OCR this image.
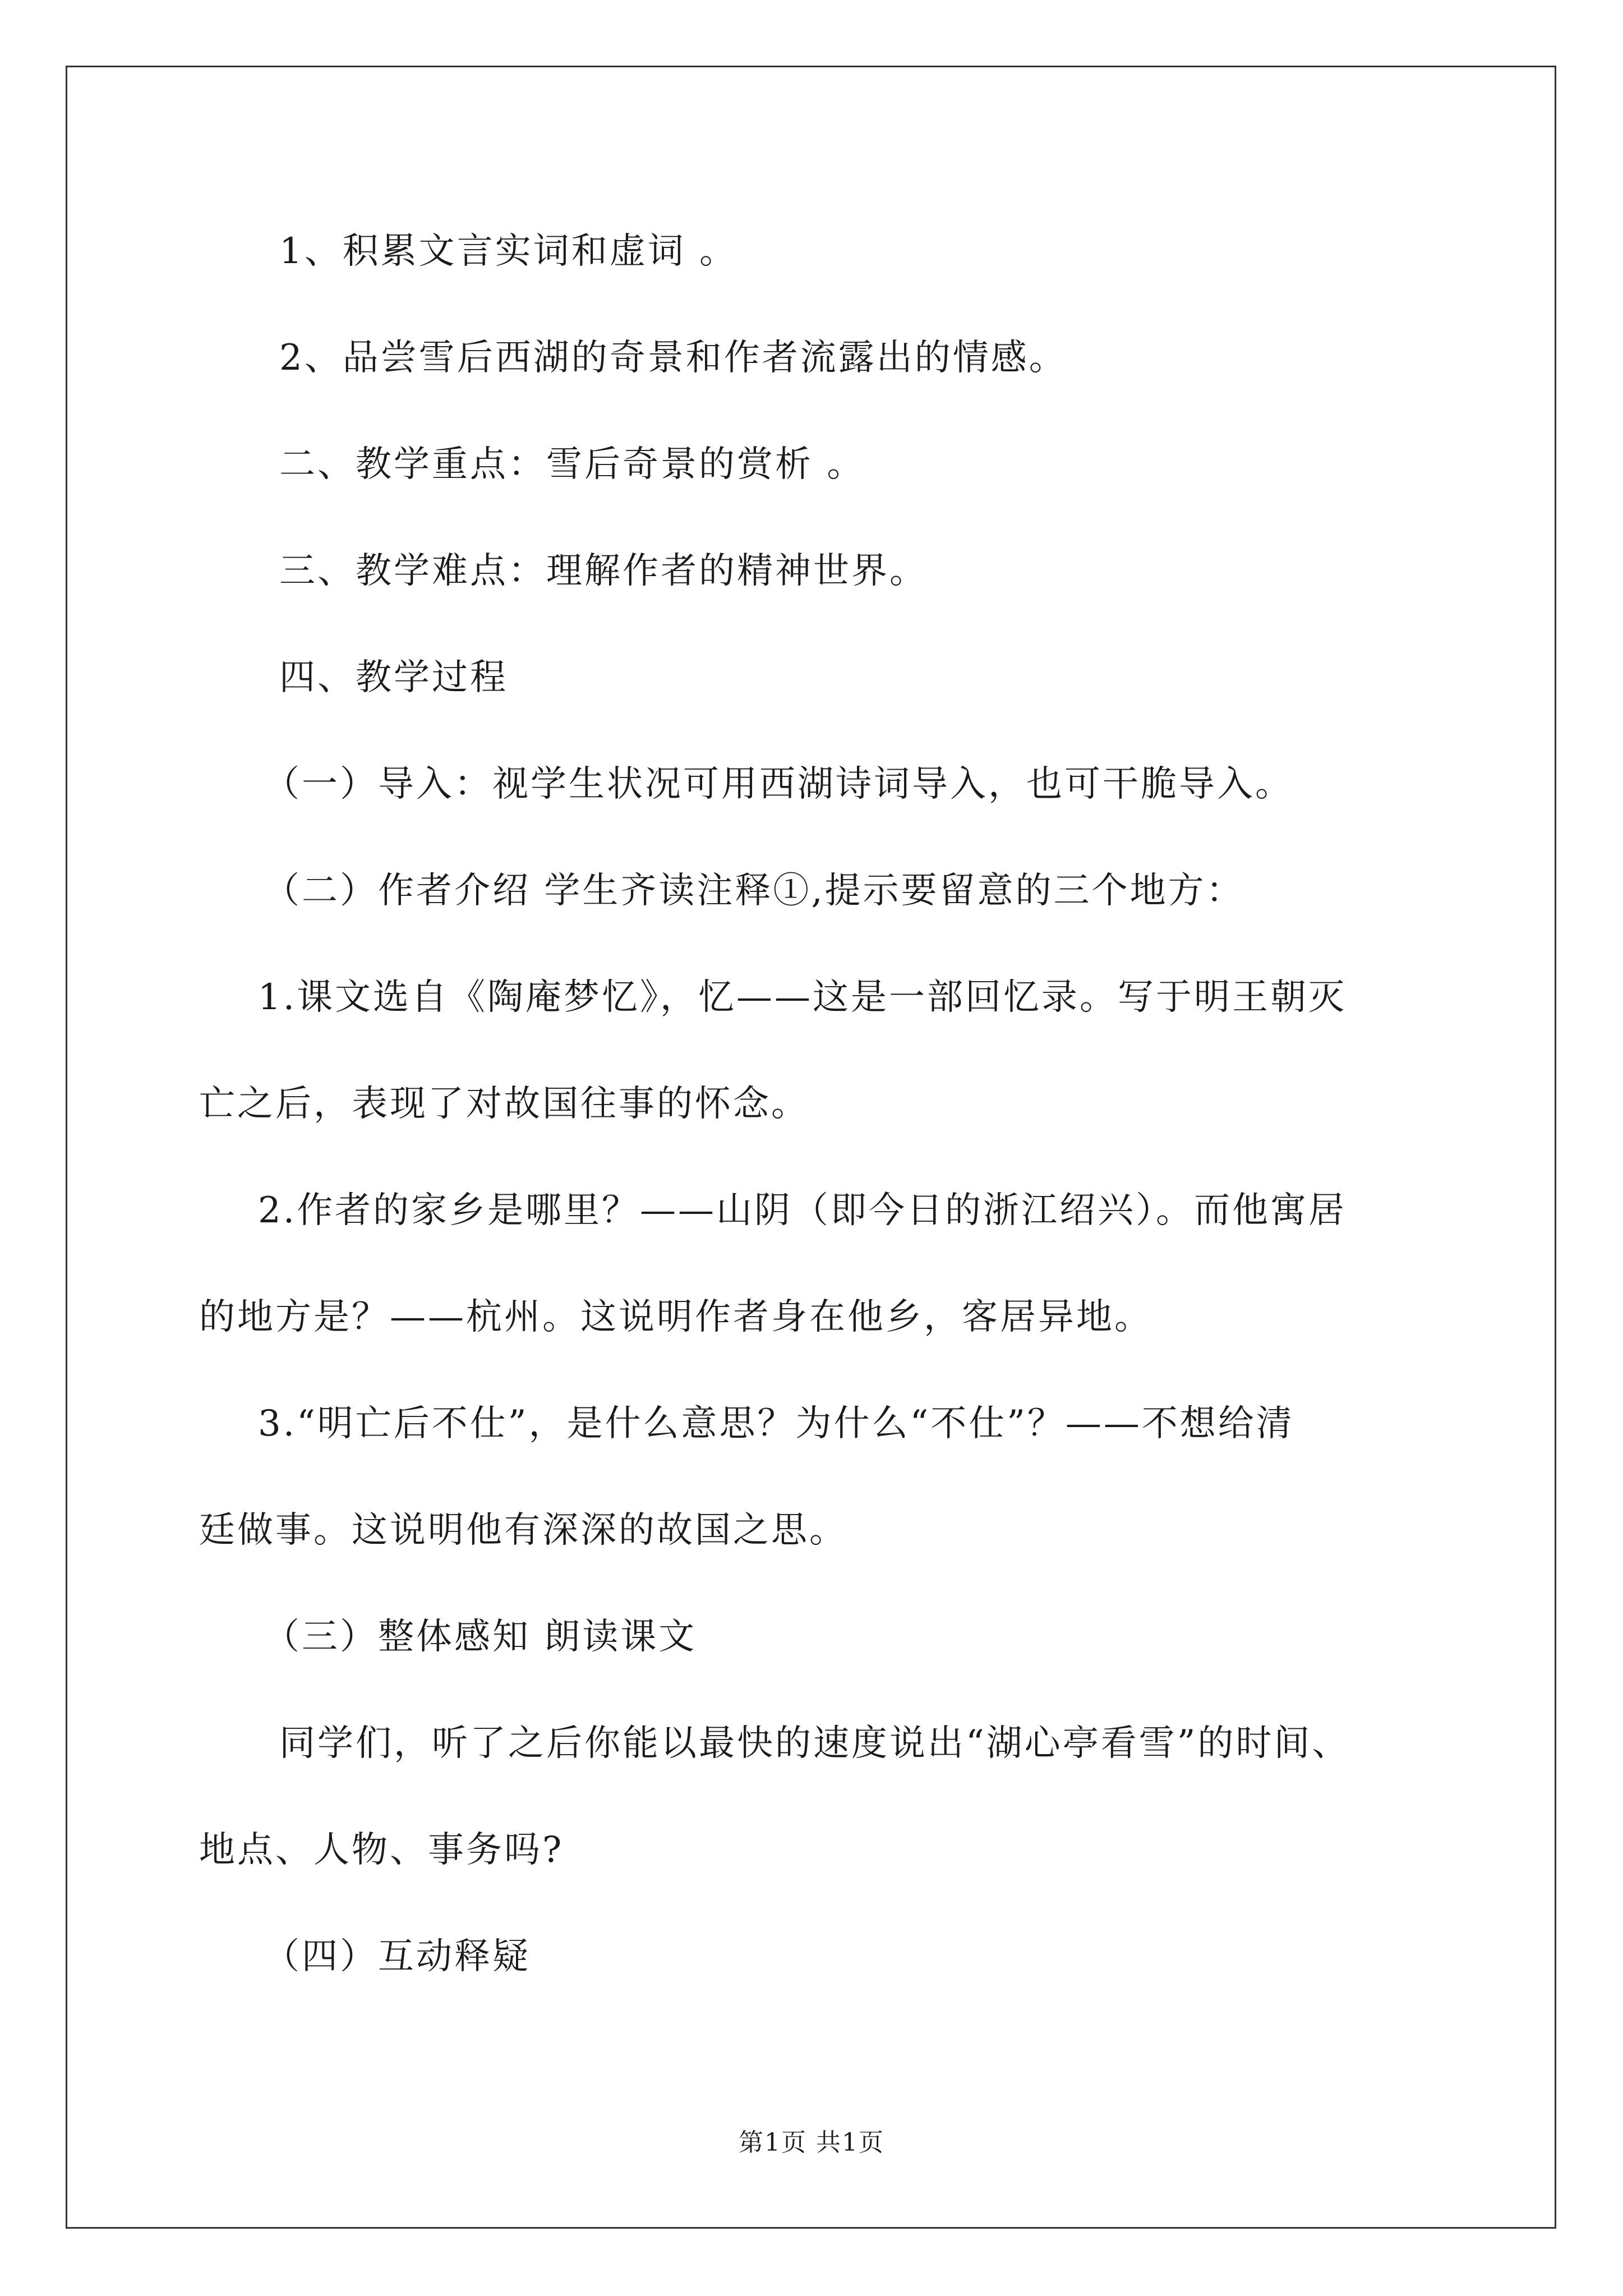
1、积累文言实词和虚词 。
2、品尝雪后西湖的奇景和作者流露出的情感。
二、教学重点：雪后奇景的赏析 。
三、教学难点：理解作者的精神世界。
四、教学过程
（一）导入：视学生状况可用西湖诗词导入，也可干脆导入。
（二）作者介绍 学生齐读注释①,提示要留意的三个地方：
1.课文选自《陶庵梦忆》，忆——这是一部回忆录。写于明王朝灭
亡之后，表现了对故国往事的怀念。
2.作者的家乡是哪里？——山阴（即今日的浙江绍兴）。而他寓居
的地方是？——杭州。这说明作者身在他乡，客居异地。
3.“明亡后不仕”，是什么意思？为什么“不仕”？——不想给清
廷做事。这说明他有深深的故国之思。
（三）整体感知 朗读课文
同学们，听了之后你能以最快的速度说出“湖心亭看雪”的时间、
地点、人物、事务吗?
（四）互动释疑
第1页 共1页
